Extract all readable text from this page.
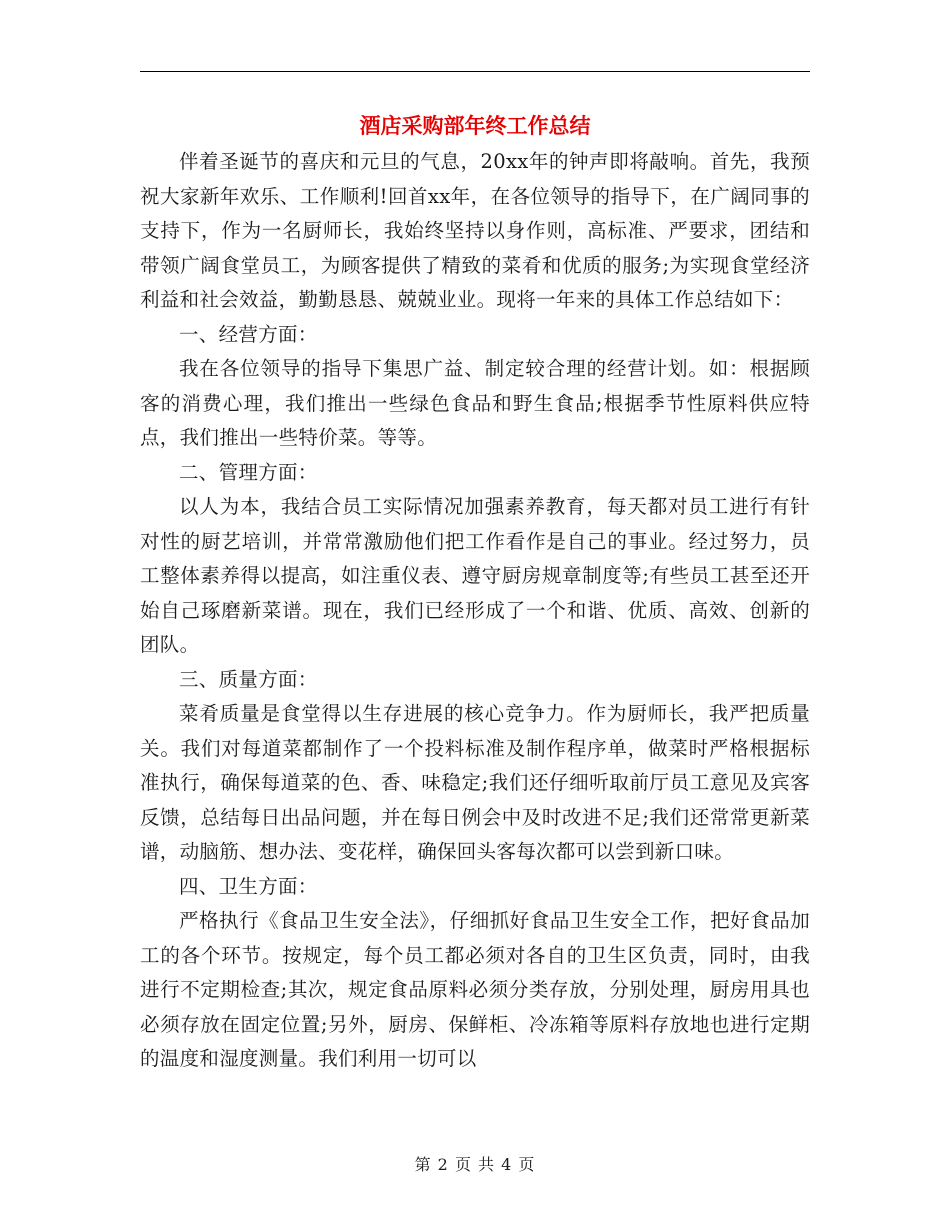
酒店采购部年终工作总结

伴着圣诞节的喜庆和元旦的气息，20xx年的钟声即将敲响。首先，我预祝大家新年欢乐、工作顺利!回首xx年，在各位领导的指导下，在广阔同事的支持下，作为一名厨师长，我始终坚持以身作则，高标准、严要求，团结和带领广阔食堂员工，为顾客提供了精致的菜肴和优质的服务;为实现食堂经济利益和社会效益，勤勤恳恳、兢兢业业。现将一年来的具体工作总结如下：

一、经营方面：

我在各位领导的指导下集思广益、制定较合理的经营计划。如：根据顾客的消费心理，我们推出一些绿色食品和野生食品;根据季节性原料供应特点，我们推出一些特价菜。等等。

二、管理方面：

以人为本，我结合员工实际情况加强素养教育，每天都对员工进行有针对性的厨艺培训，并常常激励他们把工作看作是自己的事业。经过努力，员工整体素养得以提高，如注重仪表、遵守厨房规章制度等;有些员工甚至还开始自己琢磨新菜谱。现在，我们已经形成了一个和谐、优质、高效、创新的团队。

三、质量方面：

菜肴质量是食堂得以生存进展的核心竞争力。作为厨师长，我严把质量关。我们对每道菜都制作了一个投料标准及制作程序单，做菜时严格根据标准执行，确保每道菜的色、香、味稳定;我们还仔细听取前厅员工意见及宾客反馈，总结每日出品问题，并在每日例会中及时改进不足;我们还常常更新菜谱，动脑筋、想办法、变花样，确保回头客每次都可以尝到新口味。

四、卫生方面：

严格执行《食品卫生安全法》，仔细抓好食品卫生安全工作，把好食品加工的各个环节。按规定，每个员工都必须对各自的卫生区负责，同时，由我进行不定期检查;其次，规定食品原料必须分类存放，分别处理，厨房用具也必须存放在固定位置;另外，厨房、保鲜柜、冷冻箱等原料存放地也进行定期的温度和湿度测量。我们利用一切可以

第 2 页 共 4 页
